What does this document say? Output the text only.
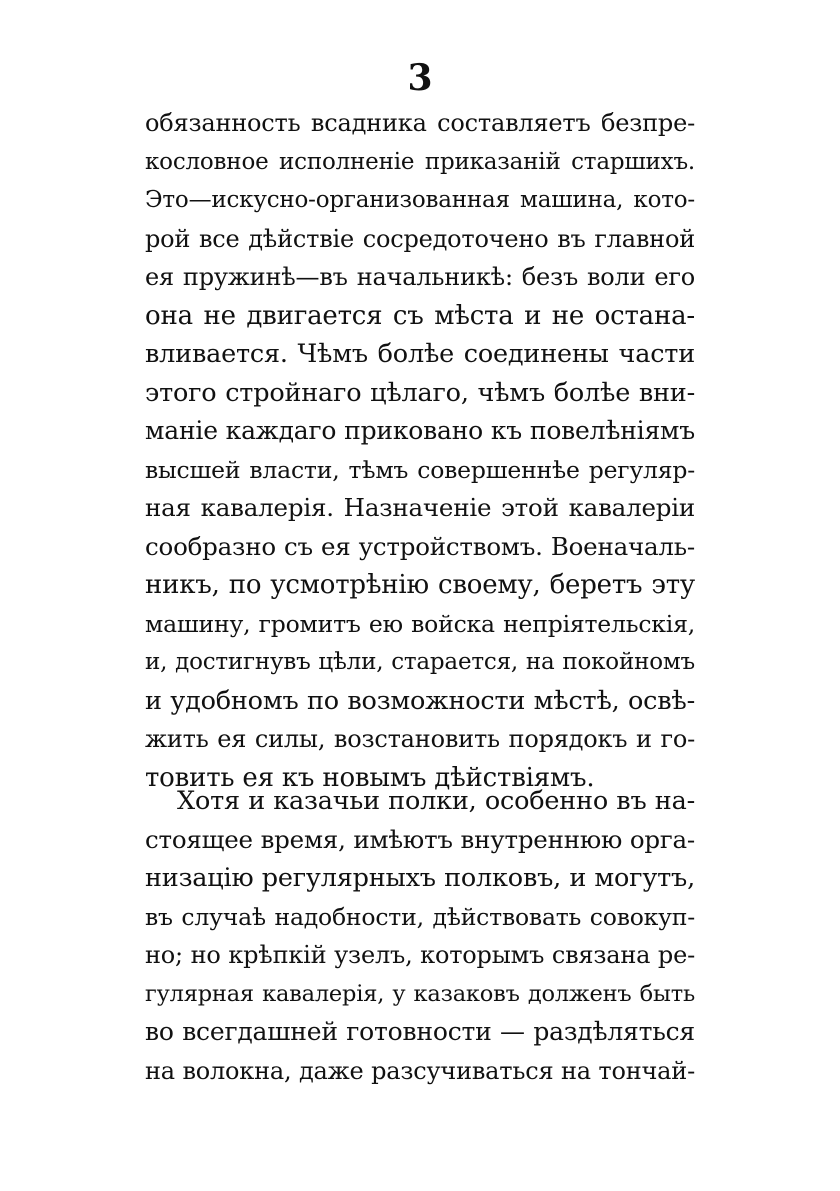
3
обязанность всадника составляетъ безпре-
кословное исполненіе приказаній старшихъ.
Это—искусно-организованная машина, кото-
рой все дѣйствіе сосредоточено въ главной
ея пружинѣ—въ начальникѣ: безъ воли его
она не двигается съ мѣста и не остана-
вливается. Чѣмъ болѣе соединены части
этого стройнаго цѣлаго, чѣмъ болѣе вни-
маніе каждаго приковано къ повелѣніямъ
высшей власти, тѣмъ совершеннѣе регуляр-
ная кавалерія. Назначеніе этой кавалеріи
сообразно съ ея устройствомъ. Военачаль-
никъ, по усмотрѣнію своему, беретъ эту
машину, громитъ ею войска непріятельскія,
и, достигнувъ цѣли, старается, на покойномъ
и удобномъ по возможности мѣстѣ, освѣ-
жить ея силы, возстановить порядокъ и го-
товить ея къ новымъ дѣйствіямъ.
Хотя и казачьи полки, особенно въ на-
стоящее время, имѣютъ внутреннюю орга-
низацію регулярныхъ полковъ, и могутъ,
въ случаѣ надобности, дѣйствовать совокуп-
но; но крѣпкій узелъ, которымъ связана ре-
гулярная кавалерія, у казаковъ долженъ быть
во всегдашней готовности — раздѣляться
на волокна, даже разсучиваться на тончай-
